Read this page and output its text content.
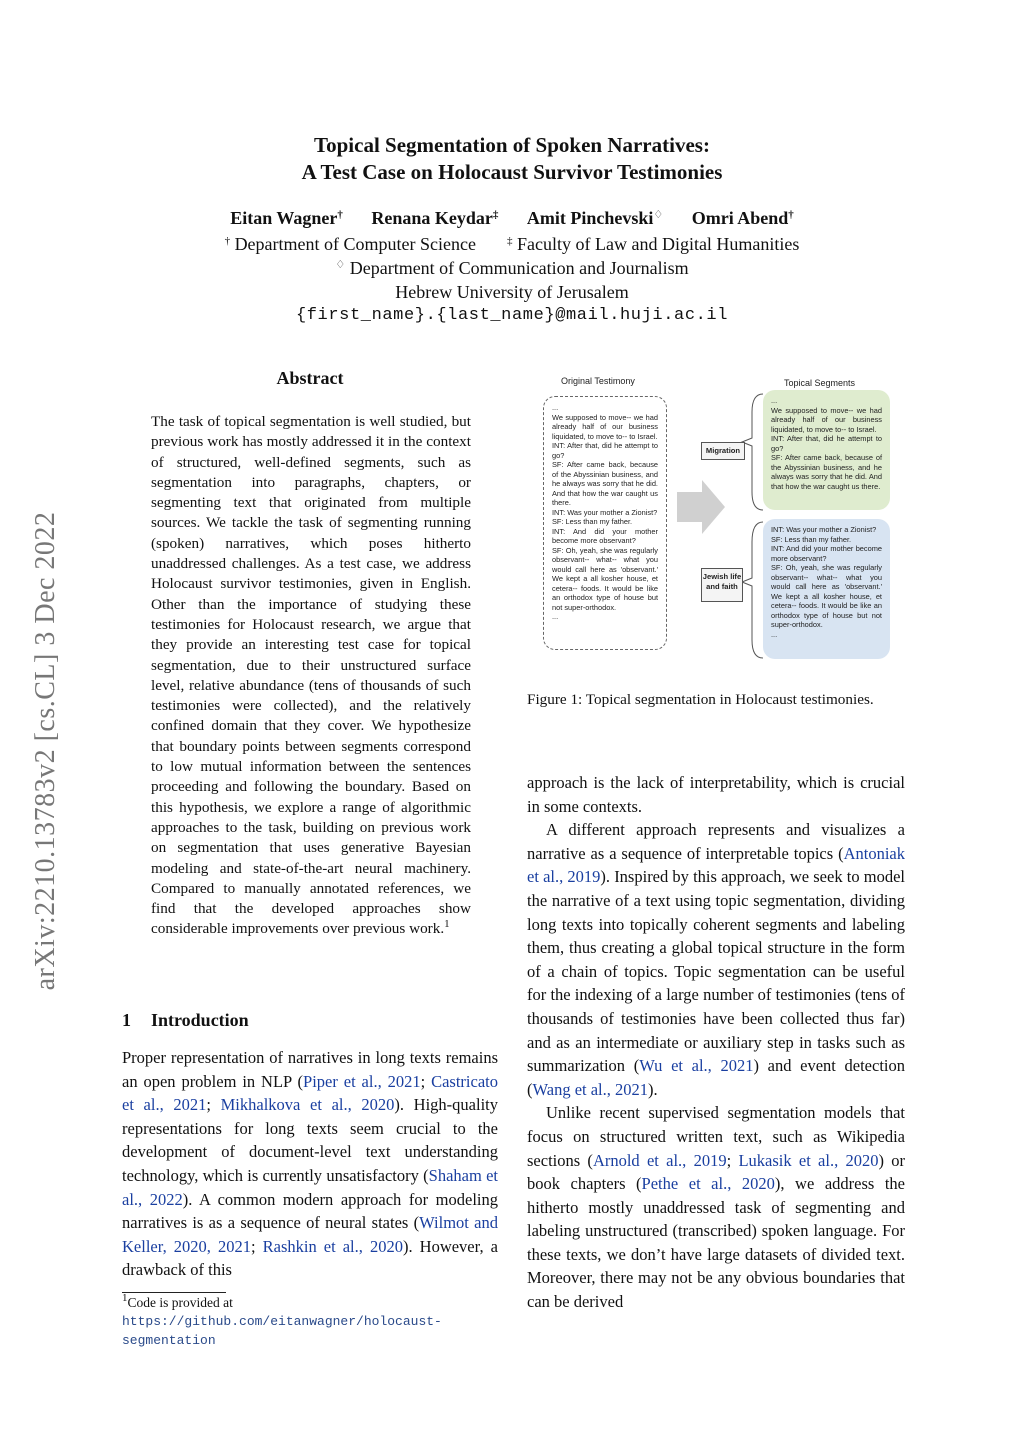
Topical Segmentation of Spoken Narratives:
A Test Case on Holocaust Survivor Testimonies
Eitan Wagner† Renana Keydar‡ Amit Pinchevski♢ Omri Abend†
† Department of Computer Science	‡ Faculty of Law and Digital Humanities
♢ Department of Communication and Journalism
Hebrew University of Jerusalem
{first_name}.{last_name}@mail.huji.ac.il
arXiv:2210.13783v2 [cs.CL] 3 Dec 2022
Abstract
The task of topical segmentation is well studied, but previous work has mostly addressed it in the context of structured, well-defined segments, such as segmentation into paragraphs, chapters, or segmenting text that originated from multiple sources. We tackle the task of segmenting running (spoken) narratives, which poses hitherto unaddressed challenges. As a test case, we address Holocaust survivor testimonies, given in English. Other than the importance of studying these testimonies for Holocaust research, we argue that they provide an interesting test case for topical segmentation, due to their unstructured surface level, relative abundance (tens of thousands of such testimonies were collected), and the relatively confined domain that they cover. We hypothesize that boundary points between segments correspond to low mutual information between the sentences proceeding and following the boundary. Based on this hypothesis, we explore a range of algorithmic approaches to the task, building on previous work on segmentation that uses generative Bayesian modeling and state-of-the-art neural machinery. Compared to manually annotated references, we find that the developed approaches show considerable improvements over previous work.$^1$
1 Introduction
Proper representation of narratives in long texts remains an open problem in NLP (Piper et al., 2021; Castricato et al., 2021; Mikhalkova et al., 2020). High-quality representations for long texts seem crucial to the development of document-level text understanding technology, which is currently unsatisfactory (Shaham et al., 2022). A common modern approach for modeling narratives is as a sequence of neural states (Wilmot and Keller, 2020, 2021; Rashkin et al., 2020). However, a drawback of this
$^1$Code is provided at https://github.com/eitanwagner/holocaust-segmentation
Original Testimony	Topical Segments
...
We supposed to move-- we had already half of our business liquidated, to move to-- to Israel.
INT: After that, did he attempt to go?
SF: After came back, because of the Abyssinian business, and he always was sorry that he did. And that how the war caught us there.
INT: Was your mother a Zionist?
SF: Less than my father.
INT: And did your mother become more observant?
SF: Oh, yeah, she was regularly observant-- what-- what you would call here as 'observant.' We kept a all kosher house, et cetera-- foods. It would be like an orthodox type of house but not super-orthodox.
...
Migration
Jewish life and faith
...
We supposed to move-- we had already half of our business liquidated, to move to-- to Israel.
INT: After that, did he attempt to go?
SF: After came back, because of the Abyssinian business, and he always was sorry that he did. And that how the war caught us there.
INT: Was your mother a Zionist?
SF: Less than my father.
INT: And did your mother become more observant?
SF: Oh, yeah, she was regularly observant-- what-- what you would call here as 'observant.' We kept a all kosher house, et cetera-- foods. It would be like an orthodox type of house but not super-orthodox.
...
Figure 1: Topical segmentation in Holocaust testimonies.

approach is the lack of interpretability, which is crucial in some contexts.

A different approach represents and visualizes a narrative as a sequence of interpretable topics (Antoniak et al., 2019). Inspired by this approach, we seek to model the narrative of a text using topic segmentation, dividing long texts into topically coherent segments and labeling them, thus creating a global topical structure in the form of a chain of topics. Topic segmentation can be useful for the indexing of a large number of testimonies (tens of thousands of testimonies have been collected thus far) and as an intermediate or auxiliary step in tasks such as summarization (Wu et al., 2021) and event detection (Wang et al., 2021).

Unlike recent supervised segmentation models that focus on structured written text, such as Wikipedia sections (Arnold et al., 2019; Lukasik et al., 2020) or book chapters (Pethe et al., 2020), we address the hitherto mostly unaddressed task of segmenting and labeling unstructured (transcribed) spoken language. For these texts, we don’t have large datasets of divided text. Moreover, there may not be any obvious boundaries that can be derived
